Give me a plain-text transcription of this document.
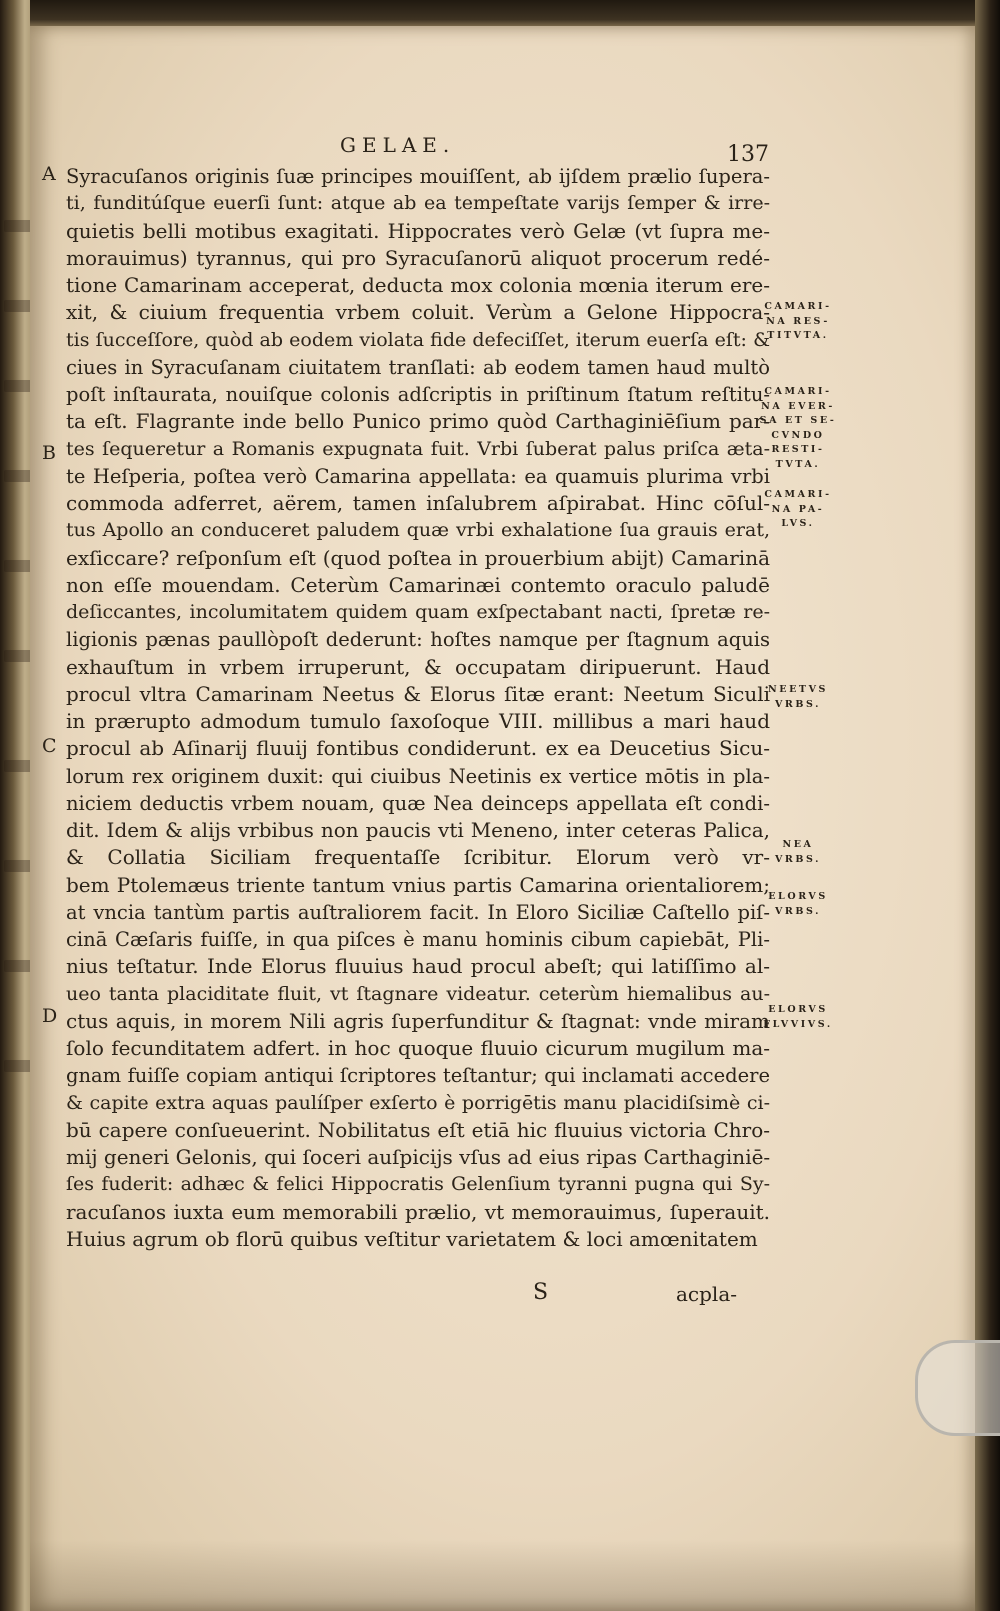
GELAE.	137
A
B
C
D
Syracuſanos originis ſuæ principes mouiſſent, ab ijſdem prælio ſupera-
ti, funditúſque euerſi ſunt: atque ab ea tempeſtate varijs ſemper & irre-
quietis belli motibus exagitati. Hippocrates verò Gelæ (vt ſupra me-
morauimus) tyrannus, qui pro Syracuſanorū aliquot procerum redé-
tione Camarinam acceperat, deducta mox colonia mœnia iterum ere-
xit, & ciuium frequentia vrbem coluit. Verùm a Gelone Hippocra-
tis ſucceſſore, quòd ab eodem violata fide defeciſſet, iterum euerſa eſt: &
ciues in Syracuſanam ciuitatem tranſlati: ab eodem tamen haud multò
poſt inſtaurata, nouiſque colonis adſcriptis in priſtinum ſtatum reſtitu-
ta eſt. Flagrante inde bello Punico primo quòd Carthaginiēſium par-
tes ſequeretur a Romanis expugnata fuit. Vrbi ſuberat palus priſca æta-
te Heſperia, poſtea verò Camarina appellata: ea quamuis plurima vrbi
commoda adferret, aërem, tamen inſalubrem aſpirabat. Hinc cōſul-
tus Apollo an conduceret paludem quæ vrbi exhalatione ſua grauis erat,
exſiccare? reſponſum eſt (quod poſtea in prouerbium abijt) Camarinā
non eſſe mouendam. Ceterùm Camarinæi contemto oraculo paludē
deſiccantes, incolumitatem quidem quam exſpectabant nacti, ſpretæ re-
ligionis pænas paullòpoſt dederunt: hoſtes namque per ſtagnum aquis
exhauſtum in vrbem irruperunt, & occupatam diripuerunt. Haud
procul vltra Camarinam Neetus & Elorus ſitæ erant: Neetum Siculi
in prærupto admodum tumulo ſaxoſoque VIII. millibus a mari haud
procul ab Aſinarij fluuij fontibus condiderunt. ex ea Deucetius Sicu-
lorum rex originem duxit: qui ciuibus Neetinis ex vertice mōtis in pla-
niciem deductis vrbem nouam, quæ Nea deinceps appellata eſt condi-
dit. Idem & alijs vrbibus non paucis vti Meneno, inter ceteras Palica,
& Collatia Siciliam frequentaſſe ſcribitur. Elorum verò vr-
bem Ptolemæus triente tantum vnius partis Camarina orientaliorem;
at vncia tantùm partis auſtraliorem facit. In Eloro Siciliæ Caſtello piſ-
cinā Cæſaris fuiſſe, in qua piſces è manu hominis cibum capiebāt, Pli-
nius teſtatur. Inde Elorus fluuius haud procul abeſt; qui latiſſimo al-
ueo tanta placiditate fluit, vt ſtagnare videatur. ceterùm hiemalibus au-
ctus aquis, in morem Nili agris ſuperfunditur & ſtagnat: vnde miram
ſolo fecunditatem adfert. in hoc quoque fluuio cicurum mugilum ma-
gnam fuiſſe copiam antiqui ſcriptores teſtantur; qui inclamati accedere
& capite extra aquas paulíſper exſerto è porrigētis manu placidiſsimè ci-
bū capere conſueuerint. Nobilitatus eſt etiā hic fluuius victoria Chro-
mij generi Gelonis, qui ſoceri auſpicijs vſus ad eius ripas Carthaginiē-
ſes fuderit: adhæc & felici Hippocratis Gelenſium tyranni pugna qui Sy-
racuſanos iuxta eum memorabili prælio, vt memorauimus, ſuperauit.
Huius agrum ob florū quibus veſtitur varietatem & loci amœnitatem
CAMARI-
NA RES-
TITVTA.
CAMARI-
NA EVER-
SA ET SE-
CVNDO
RESTI-
TVTA.
CAMARI-
NA PA-
LVS.
NEETVS
VRBS.
NEA
VRBS.
ELORVS
VRBS.
ELORVS
FLVVIVS.
S	acpla-
